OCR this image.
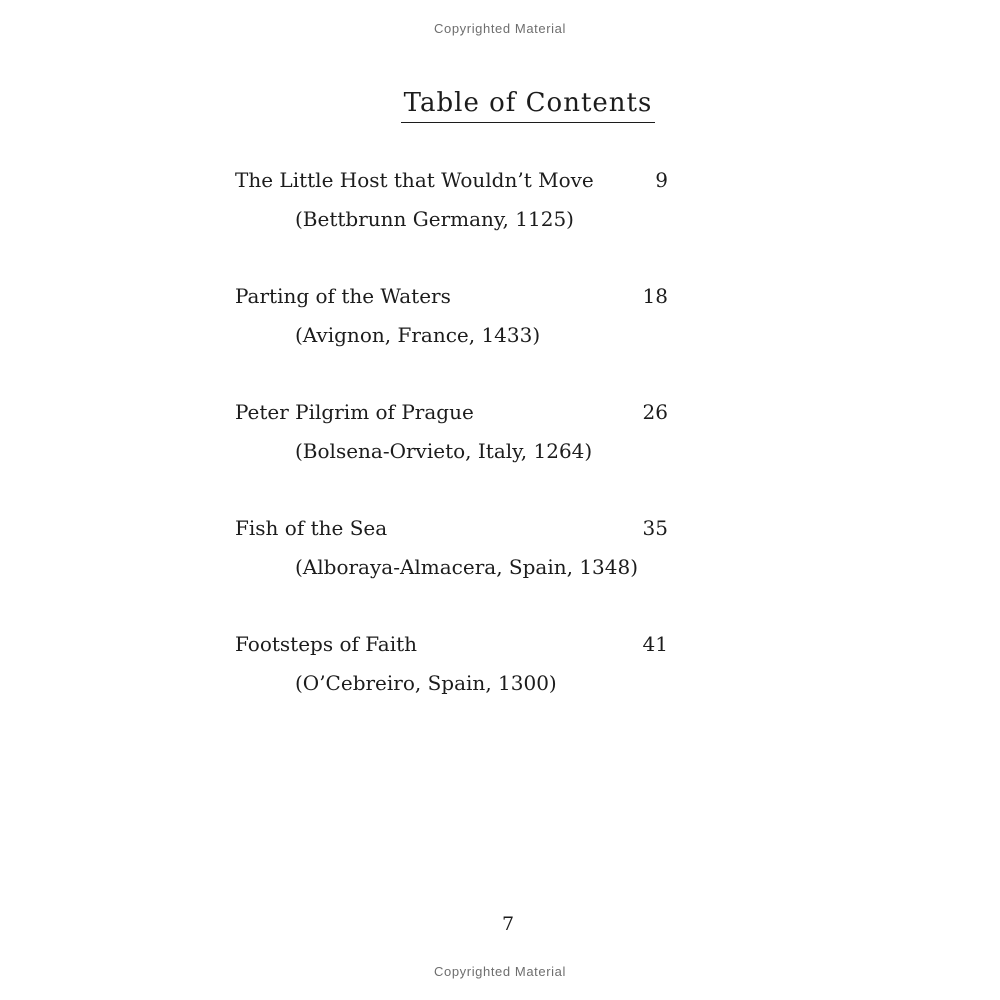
Copyrighted Material
Table of Contents
The Little Host that Wouldn’t Move	9
(Bettbrunn Germany, 1125)
Parting of the Waters	18
(Avignon, France, 1433)
Peter Pilgrim of Prague	26
(Bolsena-Orvieto, Italy, 1264)
Fish of the Sea	35
(Alboraya-Almacera, Spain, 1348)
Footsteps of Faith	41
(O’Cebreiro, Spain, 1300)
7
Copyrighted Material
